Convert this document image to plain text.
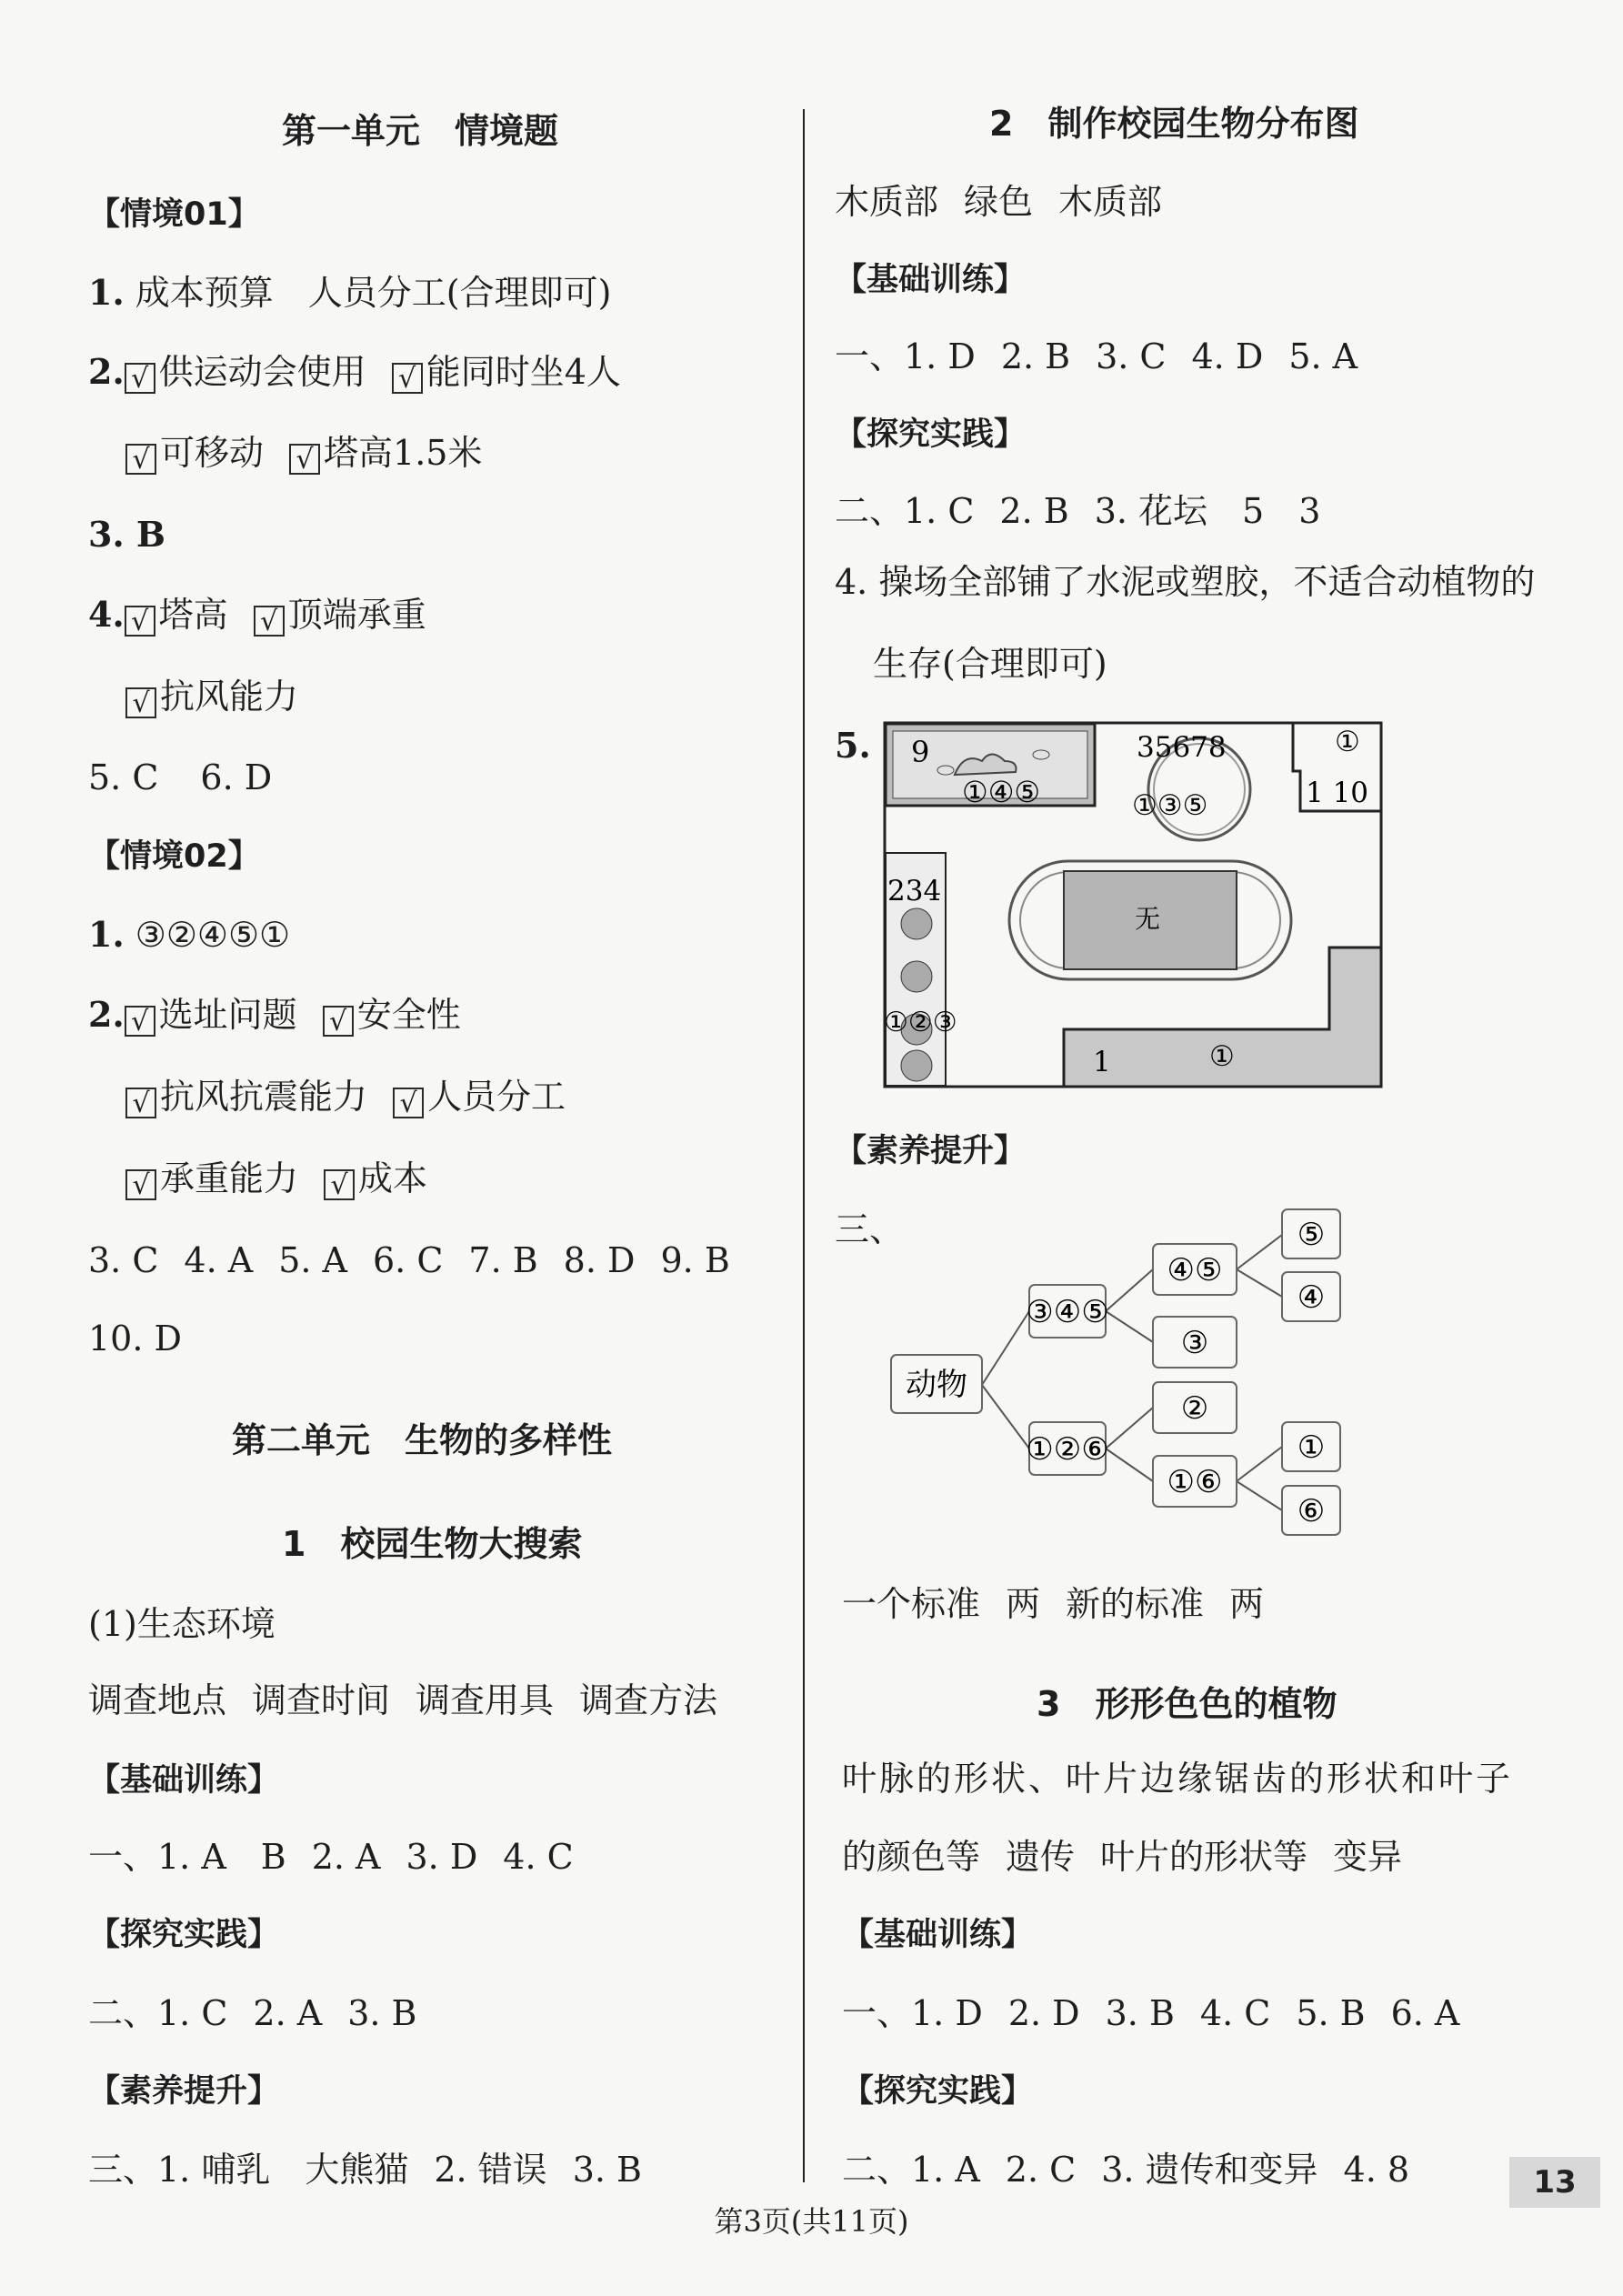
第一单元　情境题
【情境01】
1. 成本预算　人员分工(合理即可)
2. √ 供运动会使用 √ 能同时坐4人
√ 可移动 √ 塔高1.5米
3. B
4. √ 塔高 √ 顶端承重
√ 抗风能力
5. C 6. D
【情境02】
1. ③②④⑤①
2. √ 选址问题 √ 安全性
√ 抗风抗震能力 √ 人员分工
√ 承重能力 √ 成本
3. C 4. A 5. A 6. C 7. B 8. D 9. B
10. D
第二单元　生物的多样性
1　校园生物大搜索
(1)生态环境
调查地点 调查时间 调查用具 调查方法
【基础训练】
一、1. A　B 2. A 3. D 4. C
【探究实践】
二、1. C 2. A 3. B
【素养提升】
三、1. 哺乳　大熊猫 2. 错误 3. B
2　制作校园生物分布图
木质部 绿色 木质部
【基础训练】
一、1. D 2. B 3. C 4. D 5. A
【探究实践】
二、1. C 2. B 3. 花坛　5　3
4. 操场全部铺了水泥或塑胶，不适合动植物的
生存(合理即可)
5. 9
①④⑤
35678
①③⑤
①
1 10
234
①②③
无
1	①
【素养提升】
三、
动物
③④⑤
①②⑥
④⑤
③
②
①⑥
⑤
④
①
⑥
一个标准 两 新的标准 两
3　形形色色的植物
叶脉的形状、叶片边缘锯齿的形状和叶子
的颜色等 遗传 叶片的形状等 变异
【基础训练】
一、1. D 2. D 3. B 4. C 5. B 6. A
【探究实践】
二、1. A 2. C 3. 遗传和变异 4. 8	13
第3页(共11页)
